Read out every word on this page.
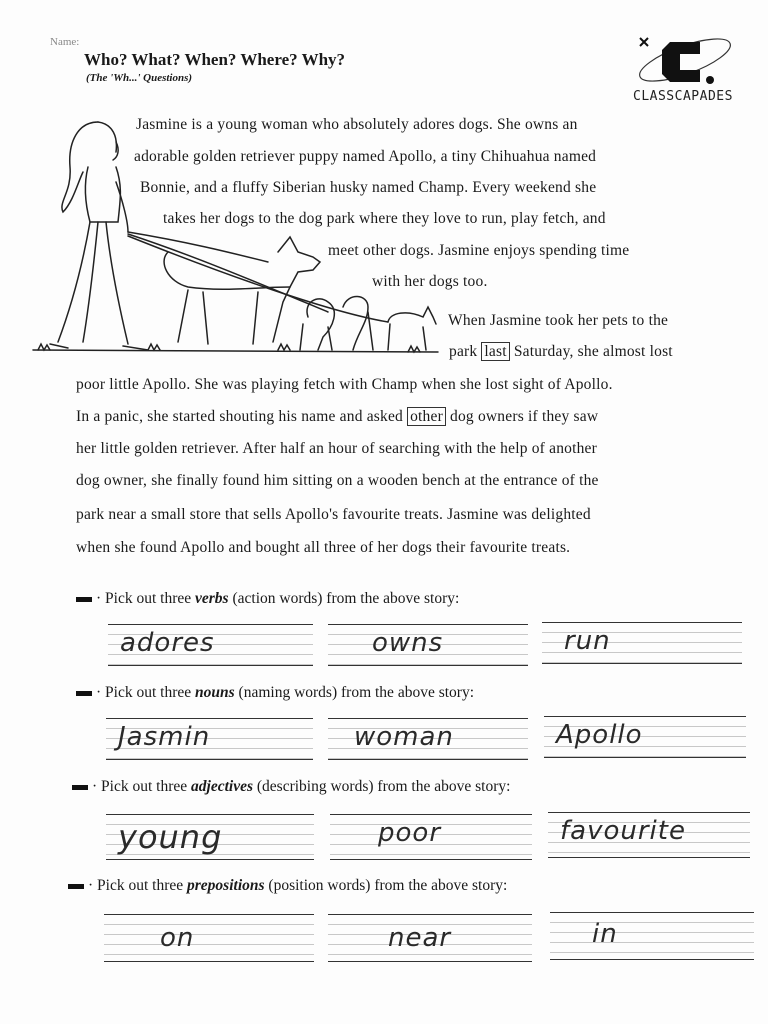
Name:
Who? What? When? Where? Why?
(The 'Wh...' Questions)
CLASSCAPADES
Jasmine is a young woman who absolutely adores dogs. She owns an
adorable golden retriever puppy named Apollo, a tiny Chihuahua named
Bonnie, and a fluffy Siberian husky named Champ. Every weekend she
takes her dogs to the dog park where they love to run, play fetch, and
meet other dogs. Jasmine enjoys spending time
with her dogs too.
When Jasmine took her pets to the
park last Saturday, she almost lost
poor little Apollo. She was playing fetch with Champ when she lost sight of Apollo.
In a panic, she started shouting his name and asked other dog owners if they saw
her little golden retriever. After half an hour of searching with the help of another
dog owner, she finally found him sitting on a wooden bench at the entrance of the
park near a small store that sells Apollo's favourite treats. Jasmine was delighted
when she found Apollo and bought all three of her dogs their favourite treats.
· Pick out three verbs (action words) from the above story:
adores	owns	run
· Pick out three nouns (naming words) from the above story:
Jasmin	woman	Apollo
· Pick out three adjectives (describing words) from the above story:
young	poor	favourite
· Pick out three prepositions (position words) from the above story:
on	near	in
